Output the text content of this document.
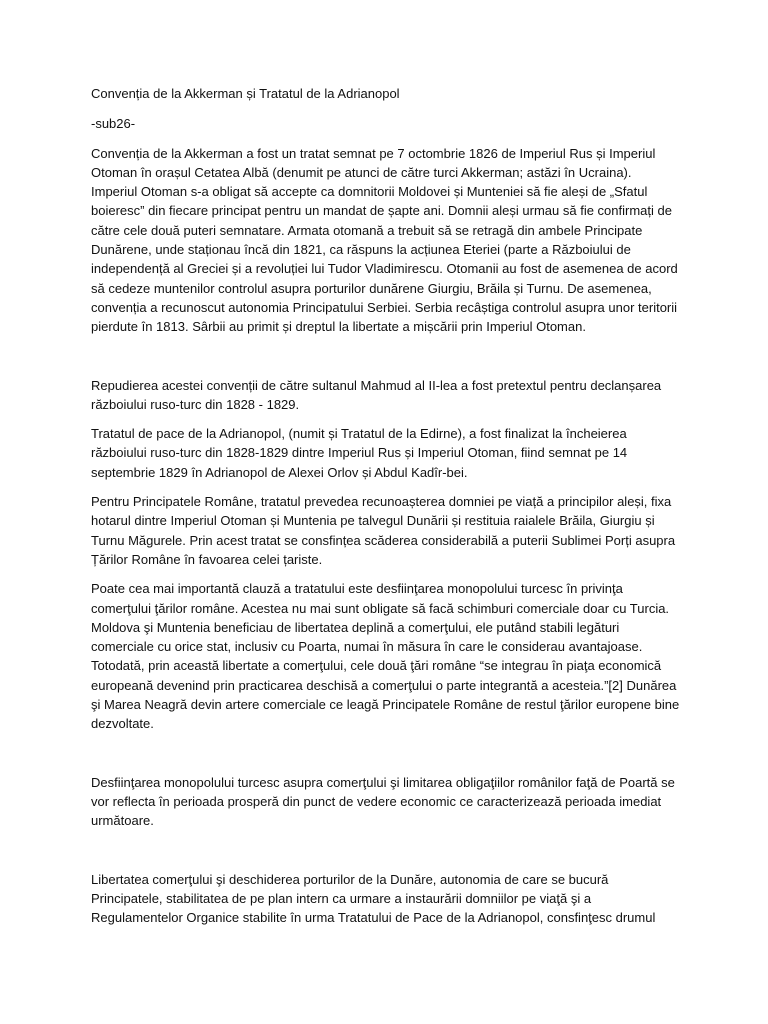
Convenția de la Akkerman și Tratatul de la Adrianopol

-sub26-

Convenția de la Akkerman a fost un tratat semnat pe 7 octombrie 1826 de Imperiul Rus și Imperiul Otoman în orașul Cetatea Albă (denumit pe atunci de către turci Akkerman; astăzi în Ucraina). Imperiul Otoman s-a obligat să accepte ca domnitorii Moldovei și Munteniei să fie aleși de „Sfatul boieresc” din fiecare principat pentru un mandat de șapte ani. Domnii aleși urmau să fie confirmați de către cele două puteri semnatare. Armata otomană a trebuit să se retragă din ambele Principate Dunărene, unde staționau încă din 1821, ca răspuns la acțiunea Eteriei (parte a Războiului de independență al Greciei și a revoluției lui Tudor Vladimirescu. Otomanii au fost de asemenea de acord să cedeze muntenilor controlul asupra porturilor dunărene Giurgiu, Brăila și Turnu. De asemenea, convenția a recunoscut autonomia Principatului Serbiei. Serbia recâștiga controlul asupra unor teritorii pierdute în 1813. Sârbii au primit și dreptul la libertate a mișcării prin Imperiul Otoman.

Repudierea acestei convenții de către sultanul Mahmud al II-lea a fost pretextul pentru declanșarea războiului ruso-turc din 1828 - 1829.

Tratatul de pace de la Adrianopol, (numit și Tratatul de la Edirne), a fost finalizat la încheierea războiului ruso-turc din 1828-1829 dintre Imperiul Rus și Imperiul Otoman, fiind semnat pe 14 septembrie 1829 în Adrianopol de Alexei Orlov și Abdul Kadîr-bei.

Pentru Principatele Române, tratatul prevedea recunoașterea domniei pe viață a principilor aleși, fixa hotarul dintre Imperiul Otoman și Muntenia pe talvegul Dunării și restituia raialele Brăila, Giurgiu și Turnu Măgurele. Prin acest tratat se consfințea scăderea considerabilă a puterii Sublimei Porți asupra Țărilor Române în favoarea celei țariste.

Poate cea mai importantă clauză a tratatului este desfiinţarea monopolului turcesc în privinţa comerţului ţărilor române. Acestea nu mai sunt obligate să facă schimburi comerciale doar cu Turcia. Moldova şi Muntenia beneficiau de libertatea deplină a comerţului, ele putând stabili legături comerciale cu orice stat, inclusiv cu Poarta, numai în măsura în care le considerau avantajoase. Totodată, prin această libertate a comerţului, cele două ţări române “se integrau în piaţa economică europeană devenind prin practicarea deschisă a comerţului o parte integrantă a acesteia.”[2] Dunărea şi Marea Neagră devin artere comerciale ce leagă Principatele Române de restul ţărilor europene bine dezvoltate.

Desfiinţarea monopolului turcesc asupra comerţului şi limitarea obligaţiilor românilor faţă de Poartă se vor reflecta în perioada prosperă din punct de vedere economic ce caracterizează perioada imediat următoare.

Libertatea comerţului şi deschiderea porturilor de la Dunăre, autonomia de care se bucură Principatele, stabilitatea de pe plan intern ca urmare a instaurării domniilor pe viaţă şi a Regulamentelor Organice stabilite în urma Tratatului de Pace de la Adrianopol, consfinţesc drumul
